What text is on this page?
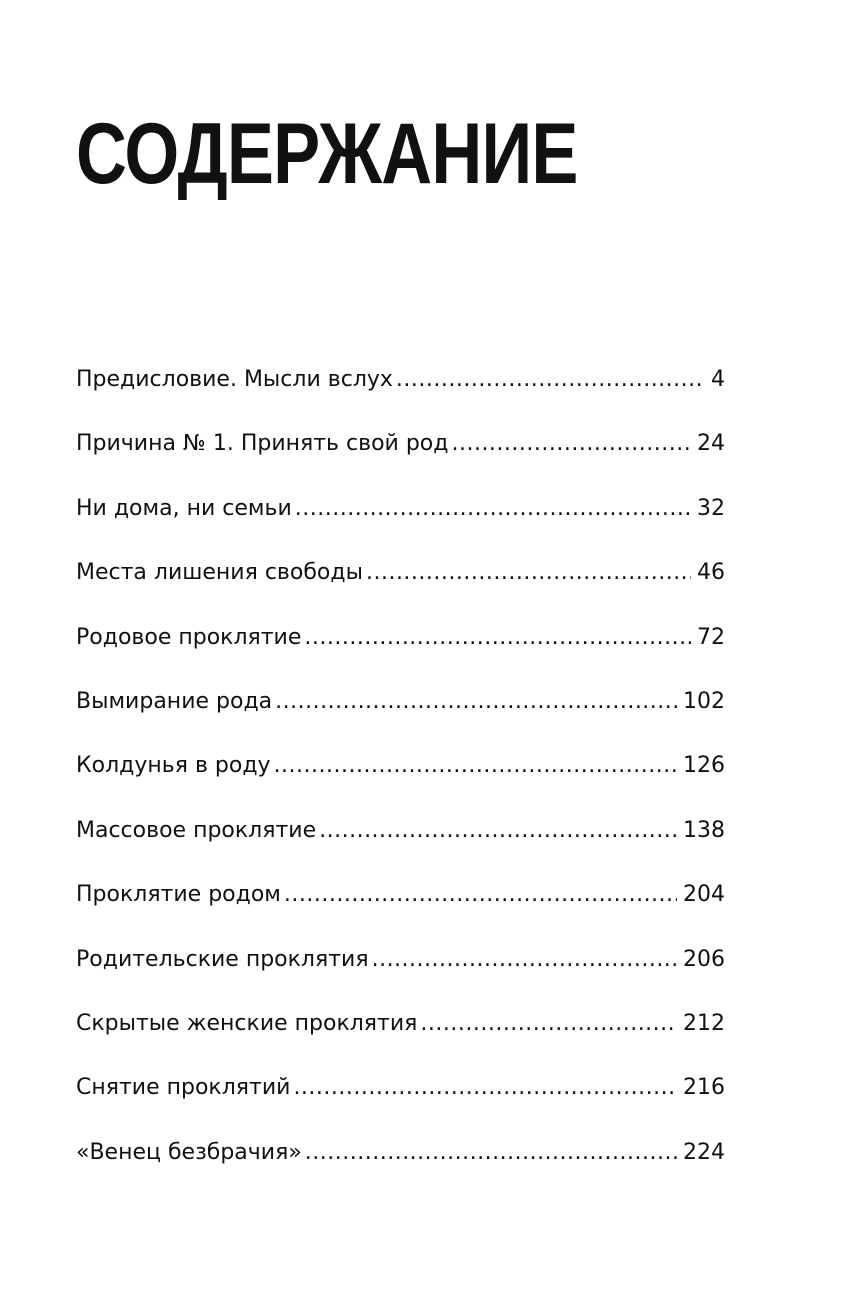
СОДЕРЖАНИЕ
Предисловие. Мысли вслух .....	4
Причина № 1. Принять свой род .....	24
Ни дома, ни семьи .....	32
Места лишения свободы .....	46
Родовое проклятие .....	72
Вымирание рода .....	102
Колдунья в роду .....	126
Массовое проклятие .....	138
Проклятие родом .....	204
Родительские проклятия .....	206
Скрытые женские проклятия .....	212
Снятие проклятий .....	216
«Венец безбрачия» .....	224
